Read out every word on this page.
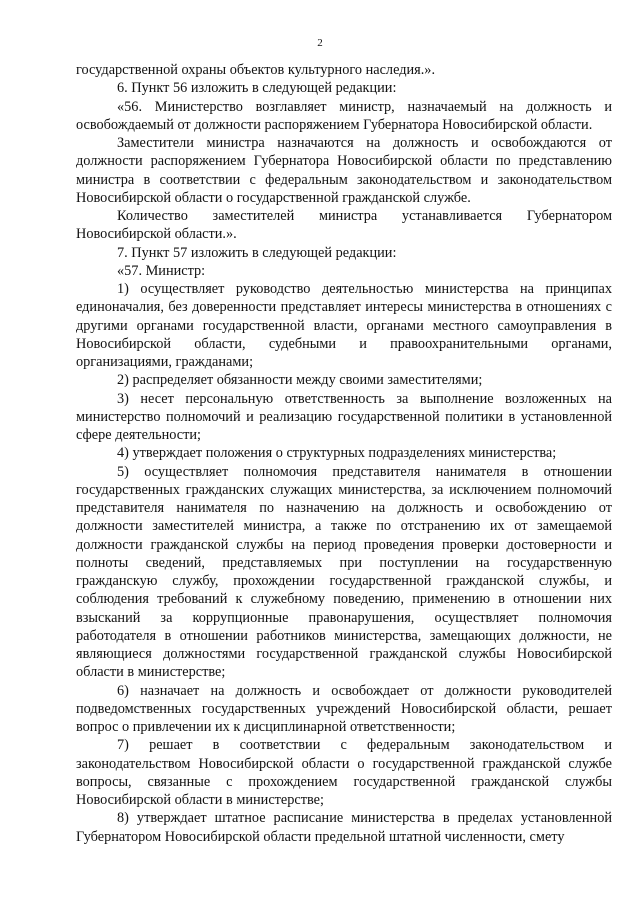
2

государственной охраны объектов культурного наследия.».

6. Пункт 56 изложить в следующей редакции:

«56. Министерство возглавляет министр, назначаемый на должность и освобождаемый от должности распоряжением Губернатора Новосибирской области.

Заместители министра назначаются на должность и освобождаются от должности распоряжением Губернатора Новосибирской области по представлению министра в соответствии с федеральным законодательством и законодательством Новосибирской области о государственной гражданской службе.

Количество заместителей министра устанавливается Губернатором Новосибирской области.».

7. Пункт 57 изложить в следующей редакции:

«57. Министр:

1) осуществляет руководство деятельностью министерства на принципах единоначалия, без доверенности представляет интересы министерства в отношениях с другими органами государственной власти, органами местного самоуправления в Новосибирской области, судебными и правоохранительными органами, организациями, гражданами;

2) распределяет обязанности между своими заместителями;

3) несет персональную ответственность за выполнение возложенных на министерство полномочий и реализацию государственной политики в установленной сфере деятельности;

4) утверждает положения о структурных подразделениях министерства;

5) осуществляет полномочия представителя нанимателя в отношении государственных гражданских служащих министерства, за исключением полномочий представителя нанимателя по назначению на должность и освобождению от должности заместителей министра, а также по отстранению их от замещаемой должности гражданской службы на период проведения проверки достоверности и полноты сведений, представляемых при поступлении на государственную гражданскую службу, прохождении государственной гражданской службы, и соблюдения требований к служебному поведению, применению в отношении них взысканий за коррупционные правонарушения, осуществляет полномочия работодателя в отношении работников министерства, замещающих должности, не являющиеся должностями государственной гражданской службы Новосибирской области в министерстве;

6) назначает на должность и освобождает от должности руководителей подведомственных государственных учреждений Новосибирской области, решает вопрос о привлечении их к дисциплинарной ответственности;

7) решает в соответствии с федеральным законодательством и законодательством Новосибирской области о государственной гражданской службе вопросы, связанные с прохождением государственной гражданской службы Новосибирской области в министерстве;

8) утверждает штатное расписание министерства в пределах установленной Губернатором Новосибирской области предельной штатной численности, смету
